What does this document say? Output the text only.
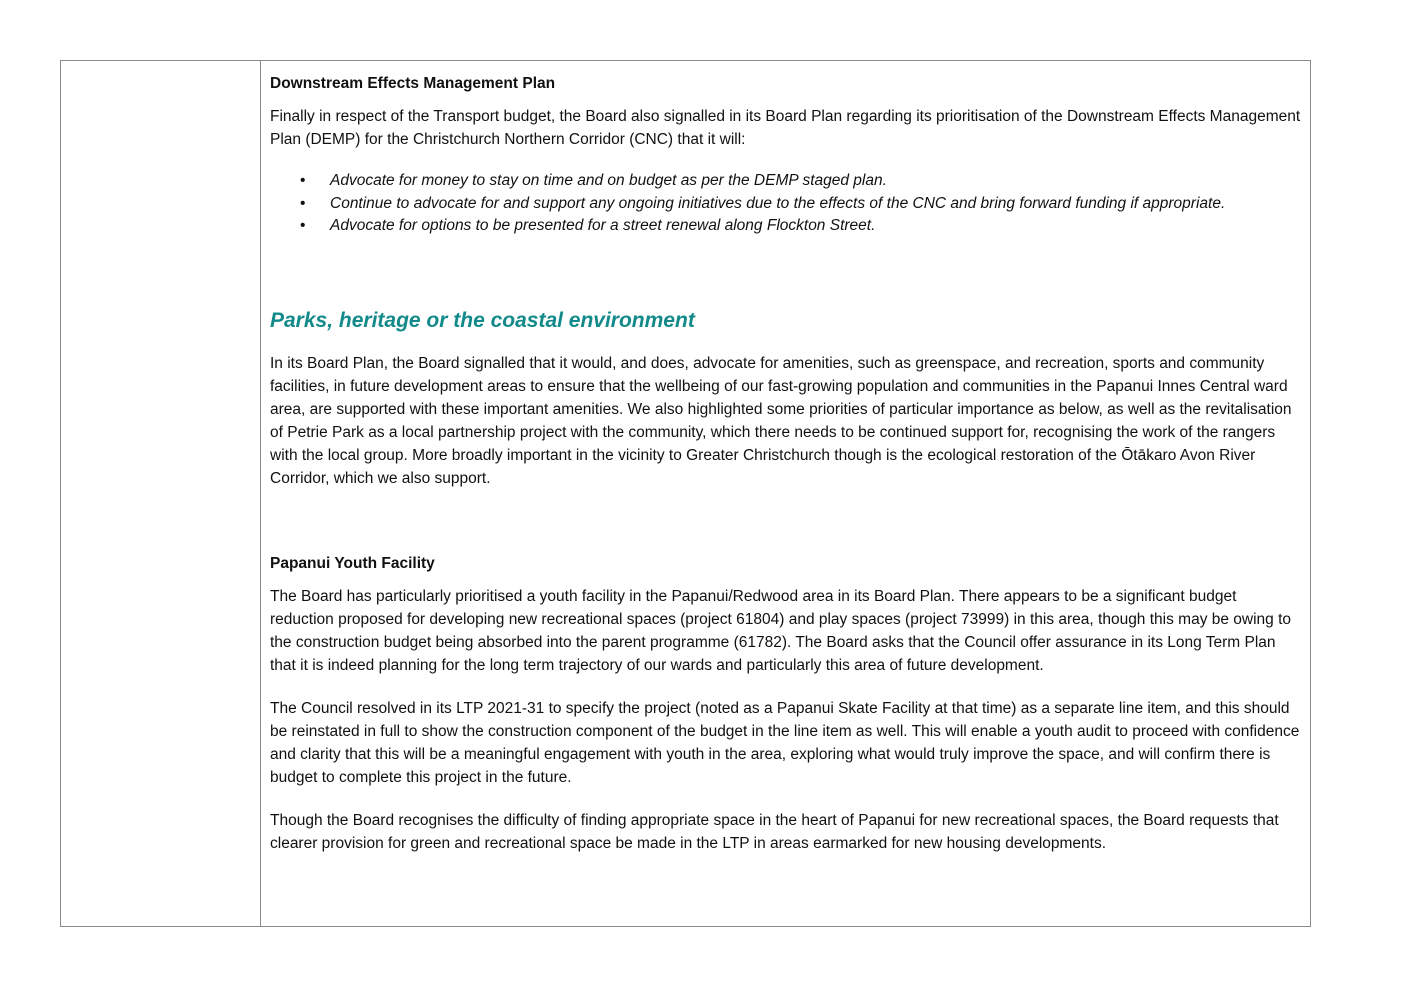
Downstream Effects Management Plan

Finally in respect of the Transport budget, the Board also signalled in its Board Plan regarding its prioritisation of the Downstream Effects Management Plan (DEMP) for the Christchurch Northern Corridor (CNC) that it will:

• Advocate for money to stay on time and on budget as per the DEMP staged plan.
• Continue to advocate for and support any ongoing initiatives due to the effects of the CNC and bring forward funding if appropriate.
• Advocate for options to be presented for a street renewal along Flockton Street.
Parks, heritage or the coastal environment

In its Board Plan, the Board signalled that it would, and does, advocate for amenities, such as greenspace, and recreation, sports and community facilities, in future development areas to ensure that the wellbeing of our fast-growing population and communities in the Papanui Innes Central ward area, are supported with these important amenities. We also highlighted some priorities of particular importance as below, as well as the revitalisation of Petrie Park as a local partnership project with the community, which there needs to be continued support for, recognising the work of the rangers with the local group. More broadly important in the vicinity to Greater Christchurch though is the ecological restoration of the Ōtākaro Avon River Corridor, which we also support.

Papanui Youth Facility

The Board has particularly prioritised a youth facility in the Papanui/Redwood area in its Board Plan. There appears to be a significant budget reduction proposed for developing new recreational spaces (project 61804) and play spaces (project 73999) in this area, though this may be owing to the construction budget being absorbed into the parent programme (61782). The Board asks that the Council offer assurance in its Long Term Plan that it is indeed planning for the long term trajectory of our wards and particularly this area of future development.

The Council resolved in its LTP 2021-31 to specify the project (noted as a Papanui Skate Facility at that time) as a separate line item, and this should be reinstated in full to show the construction component of the budget in the line item as well. This will enable a youth audit to proceed with confidence and clarity that this will be a meaningful engagement with youth in the area, exploring what would truly improve the space, and will confirm there is budget to complete this project in the future.

Though the Board recognises the difficulty of finding appropriate space in the heart of Papanui for new recreational spaces, the Board requests that clearer provision for green and recreational space be made in the LTP in areas earmarked for new housing developments.
